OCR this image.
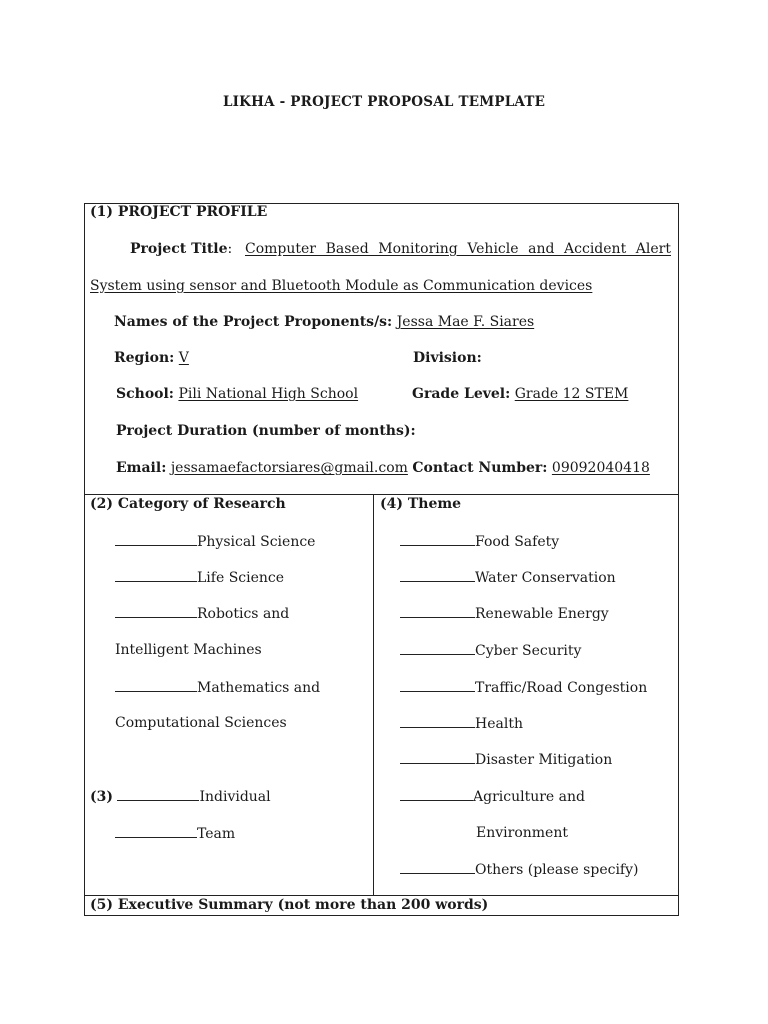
LIKHA - PROJECT PROPOSAL TEMPLATE
(1) PROJECT PROFILE
Project Title: Computer Based Monitoring Vehicle and Accident Alert
System using sensor and Bluetooth Module as Communication devices
Names of the Project Proponents/s: Jessa Mae F. Siares
Region: V	Division:
School: Pili National High School	Grade Level: Grade 12 STEM
Project Duration (number of months):
Email: jessamaefactorsiares@gmail.com Contact Number: 09092040418
(2) Category of Research
Physical Science
Life Science
Robotics and
Intelligent Machines
Mathematics and
Computational Sciences
(3)	Individual
Team
(4) Theme
Food Safety
Water Conservation
Renewable Energy
Cyber Security
Traffic/Road Congestion
Health
Disaster Mitigation
Agriculture and
Environment
Others (please specify)
(5) Executive Summary (not more than 200 words)
